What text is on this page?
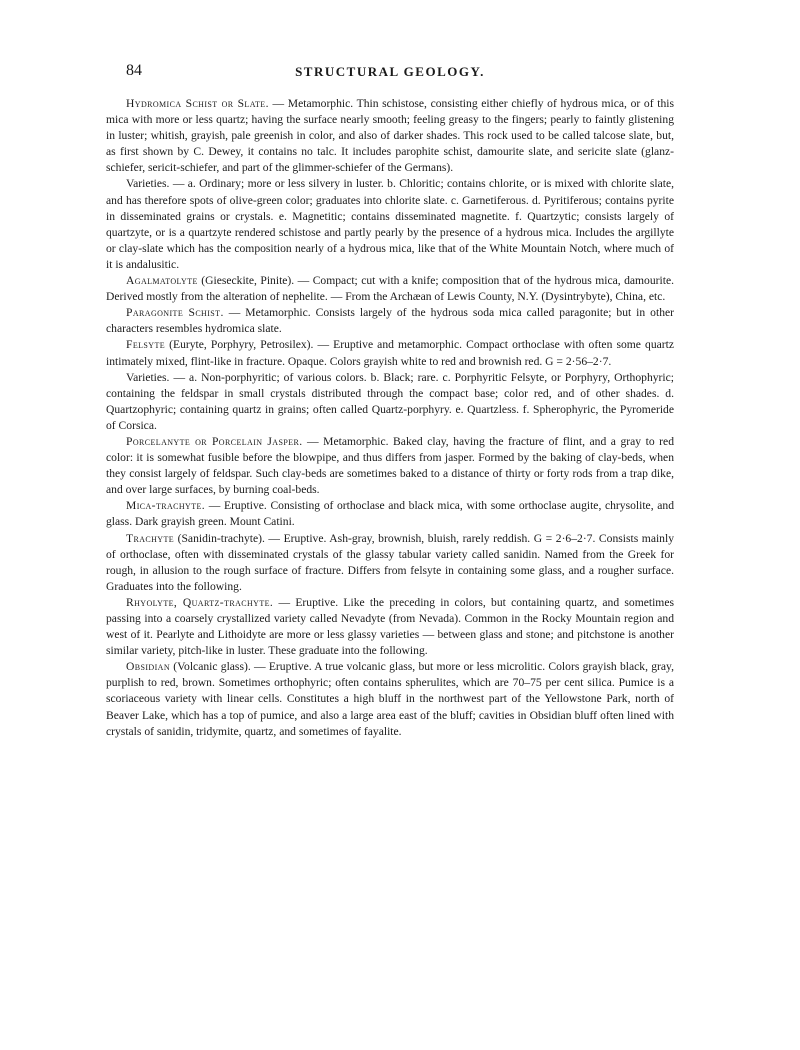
84	STRUCTURAL GEOLOGY.

Hydromica Schist or Slate. — Metamorphic. Thin schistose, consisting either chiefly of hydrous mica, or of this mica with more or less quartz; having the surface nearly smooth; feeling greasy to the fingers; pearly to faintly glistening in luster; whitish, grayish, pale greenish in color, and also of darker shades. This rock used to be called talcose slate, but, as first shown by C. Dewey, it contains no talc. It includes parophite schist, damourite slate, and sericite slate (glanz-schiefer, sericit-schiefer, and part of the glimmer-schiefer of the Germans).

Varieties. — a. Ordinary; more or less silvery in luster. b. Chloritic; contains chlorite, or is mixed with chlorite slate, and has therefore spots of olive-green color; graduates into chlorite slate. c. Garnetiferous. d. Pyritiferous; contains pyrite in disseminated grains or crystals. e. Magnetitic; contains disseminated magnetite. f. Quartzytic; consists largely of quartzyte, or is a quartzyte rendered schistose and partly pearly by the presence of a hydrous mica. Includes the argillyte or clay-slate which has the composition nearly of a hydrous mica, like that of the White Mountain Notch, where much of it is andalusitic.

Agalmatolyte (Gieseckite, Pinite). — Compact; cut with a knife; composition that of the hydrous mica, damourite. Derived mostly from the alteration of nephelite. — From the Archæan of Lewis County, N.Y. (Dysintrybyte), China, etc.

Paragonite Schist. — Metamorphic. Consists largely of the hydrous soda mica called paragonite; but in other characters resembles hydromica slate.

Felsyte (Euryte, Porphyry, Petrosilex). — Eruptive and metamorphic. Compact orthoclase with often some quartz intimately mixed, flint-like in fracture. Opaque. Colors grayish white to red and brownish red. G = 2·56–2·7.

Varieties. — a. Non-porphyritic; of various colors. b. Black; rare. c. Porphyritic Felsyte, or Porphyry, Orthophyric; containing the feldspar in small crystals distributed through the compact base; color red, and of other shades. d. Quartzophyric; containing quartz in grains; often called Quartz-porphyry. e. Quartzless. f. Spherophyric, the Pyromeride of Corsica.

Porcelanyte or Porcelain Jasper. — Metamorphic. Baked clay, having the fracture of flint, and a gray to red color: it is somewhat fusible before the blowpipe, and thus differs from jasper. Formed by the baking of clay-beds, when they consist largely of feldspar. Such clay-beds are sometimes baked to a distance of thirty or forty rods from a trap dike, and over large surfaces, by burning coal-beds.

Mica-trachyte. — Eruptive. Consisting of orthoclase and black mica, with some orthoclase augite, chrysolite, and glass. Dark grayish green. Mount Catini.

Trachyte (Sanidin-trachyte). — Eruptive. Ash-gray, brownish, bluish, rarely reddish. G = 2·6–2·7. Consists mainly of orthoclase, often with disseminated crystals of the glassy tabular variety called sanidin. Named from the Greek for rough, in allusion to the rough surface of fracture. Differs from felsyte in containing some glass, and a rougher surface. Graduates into the following.

Rhyolyte, Quartz-trachyte. — Eruptive. Like the preceding in colors, but containing quartz, and sometimes passing into a coarsely crystallized variety called Nevadyte (from Nevada). Common in the Rocky Mountain region and west of it. Pearlyte and Lithoidyte are more or less glassy varieties — between glass and stone; and pitchstone is another similar variety, pitch-like in luster. These graduate into the following.

Obsidian (Volcanic glass). — Eruptive. A true volcanic glass, but more or less microlitic. Colors grayish black, gray, purplish to red, brown. Sometimes orthophyric; often contains spherulites, which are 70–75 per cent silica. Pumice is a scoriaceous variety with linear cells. Constitutes a high bluff in the northwest part of the Yellowstone Park, north of Beaver Lake, which has a top of pumice, and also a large area east of the bluff; cavities in Obsidian bluff often lined with crystals of sanidin, tridymite, quartz, and sometimes of fayalite.
